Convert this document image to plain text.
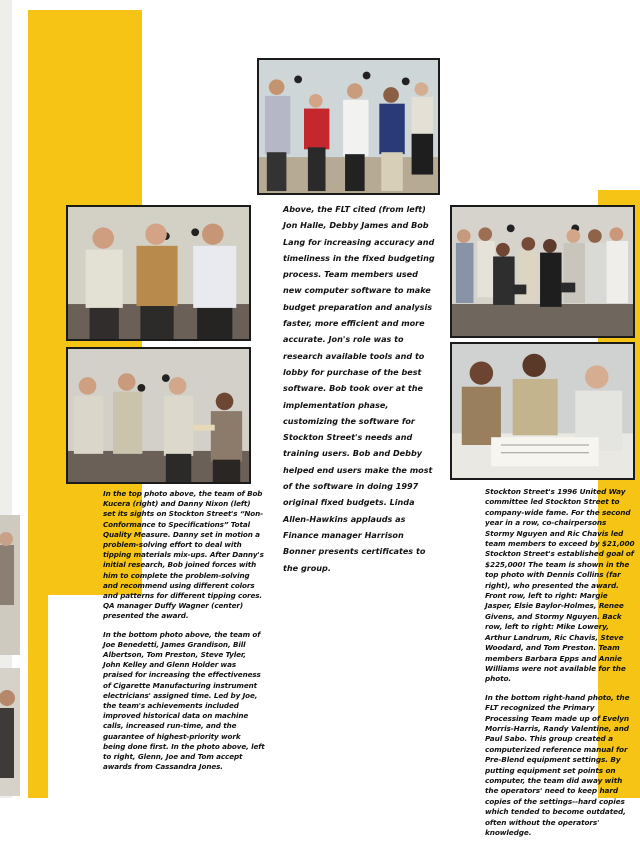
Above, the FLT cited (from left) Jon Halle, Debby James and Bob Lang for increasing accuracy and timeliness in the fixed budgeting process. Team members used new computer software to make budget preparation and analysis faster, more efficient and more accurate. Jon's role was to research available tools and to lobby for purchase of the best software. Bob took over at the implementation phase, customizing the software for Stockton Street's needs and training users. Bob and Debby helped end users make the most of the software in doing 1997 original fixed budgets. Linda Allen-Hawkins applauds as Finance manager Harrison Bonner presents certificates to the group.

In the top photo above, the team of Bob Kucera (right) and Danny Nixon (left) set its sights on Stockton Street's “Non-Conformance to Specifications” Total Quality Measure. Danny set in motion a problem-solving effort to deal with tipping materials mix-ups. After Danny's initial research, Bob joined forces with him to complete the problem-solving and recommend using different colors and patterns for different tipping cores. QA manager Duffy Wagner (center) presented the award.

In the bottom photo above, the team of Joe Benedetti, James Grandison, Bill Albertson, Tom Preston, Steve Tyler, John Kelley and Glenn Holder was praised for increasing the effectiveness of Cigarette Manufacturing instrument electricians' assigned time. Led by Joe, the team's achievements included improved historical data on machine calls, increased run-time, and the guarantee of highest-priority work being done first. In the photo above, left to right, Glenn, Joe and Tom accept awards from Cassandra Jones.

Stockton Street's 1996 United Way committee led Stockton Street to company-wide fame. For the second year in a row, co-chairpersons Stormy Nguyen and Ric Chavis led team members to exceed by $21,000 Stockton Street's established goal of $225,000! The team is shown in the top photo with Dennis Collins (far right), who presented the award. Front row, left to right: Margie Jasper, Elsie Baylor-Holmes, Renee Givens, and Stormy Nguyen. Back row, left to right: Mike Lowery, Arthur Landrum, Ric Chavis, Steve Woodard, and Tom Preston. Team members Barbara Epps and Annie Williams were not available for the photo.

In the bottom right-hand photo, the FLT recognized the Primary Processing Team made up of Evelyn Morris-Harris, Randy Valentine, and Paul Sabo. This group created a computerized reference manual for Pre-Blend equipment settings. By putting equipment set points on computer, the team did away with the operators' need to keep hard copies of the settings--hard copies which tended to become outdated, often without the operators' knowledge.
